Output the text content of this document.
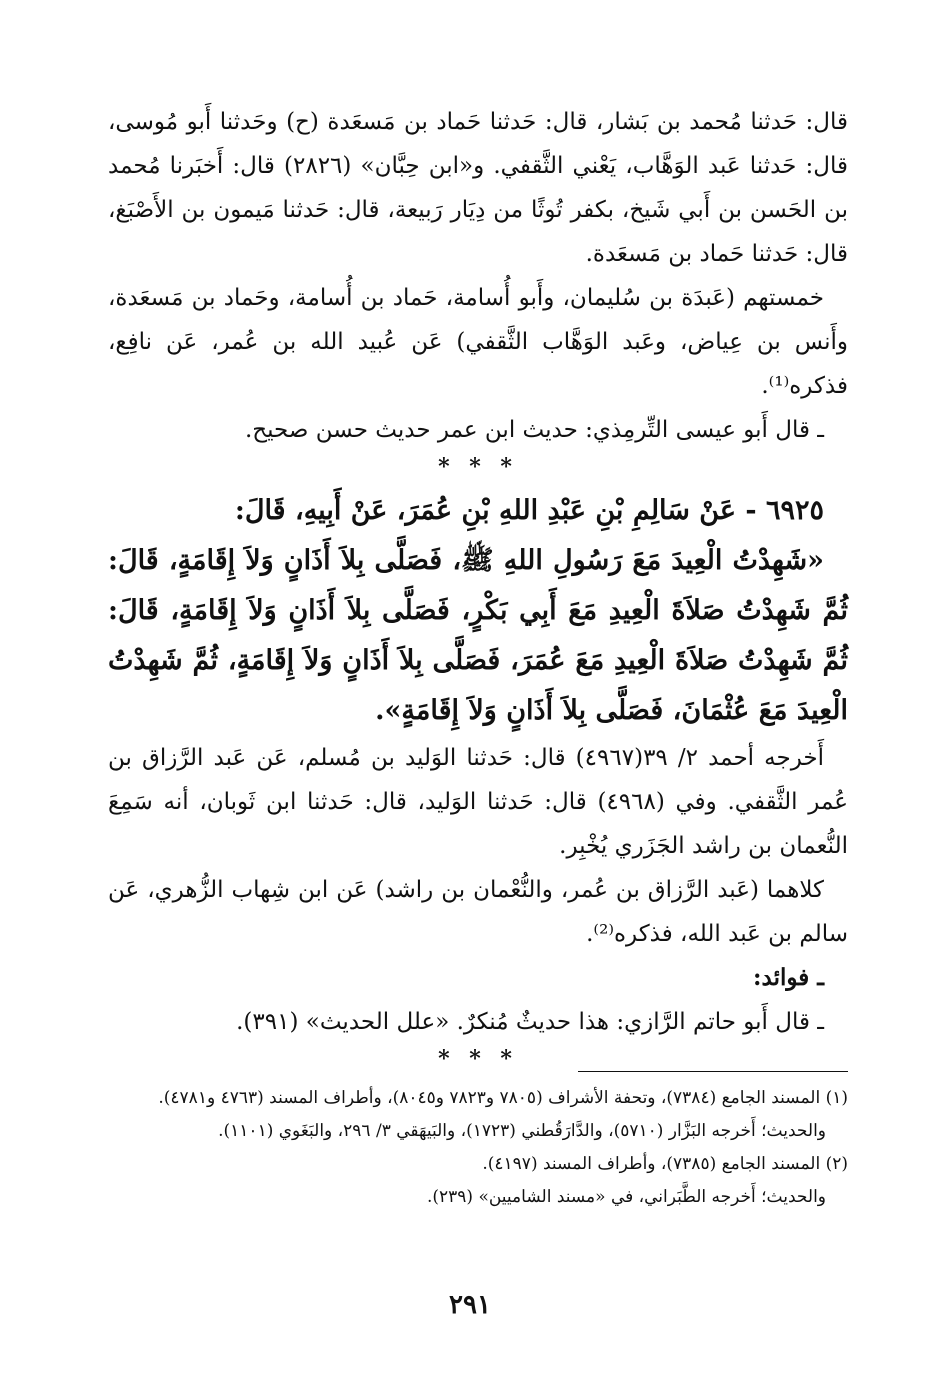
قال: حَدثنا مُحمد بن بَشار، قال: حَدثنا حَماد بن مَسعَدة (ح) وحَدثنا أَبو مُوسى، قال: حَدثنا عَبد الوَهَّاب، يَعْني الثَّقفي. و«ابن حِبَّان» (٢٨٢٦) قال: أَخبَرنا مُحمد بن الحَسن بن أَبي شَيخ، بكفر تُوثًا من دِيَار رَبيعة، قال: حَدثنا مَيمون بن الأَصْبَغ، قال: حَدثنا حَماد بن مَسعَدة.

خمستهم (عَبدَة بن سُليمان، وأَبو أُسامة، حَماد بن أُسامة، وحَماد بن مَسعَدة، وأَنس بن عِياض، وعَبد الوَهَّاب الثَّقفي) عَن عُبيد الله بن عُمر، عَن نافِع، فذكره⁽¹⁾.

ـ قال أَبو عيسى التِّرمِذي: حديث ابن عمر حديث حسن صحيح.

* * *

٦٩٢٥ - عَنْ سَالِمِ بْنِ عَبْدِ اللهِ بْنِ عُمَرَ، عَنْ أَبِيهِ، قَالَ:

«شَهِدْتُ الْعِيدَ مَعَ رَسُولِ اللهِ ﷺ، فَصَلَّى بِلاَ أَذَانٍ وَلاَ إِقَامَةٍ، قَالَ: ثُمَّ شَهِدْتُ صَلاَةَ الْعِيدِ مَعَ أَبِي بَكْرٍ، فَصَلَّى بِلاَ أَذَانٍ وَلاَ إِقَامَةٍ، قَالَ: ثُمَّ شَهِدْتُ صَلاَةَ الْعِيدِ مَعَ عُمَرَ، فَصَلَّى بِلاَ أَذَانٍ وَلاَ إِقَامَةٍ، ثُمَّ شَهِدْتُ الْعِيدَ مَعَ عُثْمَانَ، فَصَلَّى بِلاَ أَذَانٍ وَلاَ إِقَامَةٍ».

أَخرجه أحمد ٢/ ٣٩(٤٩٦٧) قال: حَدثنا الوَليد بن مُسلم، عَن عَبد الرَّزاق بن عُمر الثَّقفي. وفي (٤٩٦٨) قال: حَدثنا الوَليد، قال: حَدثنا ابن ثَوبان، أنه سَمِعَ النُّعمان بن راشد الجَزَري يُخْبِر.

كلاهما (عَبد الرَّزاق بن عُمر، والنُّعْمان بن راشد) عَن ابن شِهاب الزُّهري، عَن سالم بن عَبد الله، فذكره⁽²⁾.

ـ فوائد:

ـ قال أَبو حاتم الرَّازي: هذا حديثٌ مُنكرٌ. «علل الحديث» (٣٩١).

* * *

(١) المسند الجامع (٧٣٨٤)، وتحفة الأشراف (٧٨٠٥ و٧٨٢٣ و٨٠٤٥)، وأطراف المسند (٤٧٦٣ و٤٧٨١).

والحديث؛ أَخرجه البَزَّار (٥٧١٠)، والدَّارَقُطني (١٧٢٣)، والبَيهَقي ٣/ ٢٩٦، والبَغَوي (١١٠١).

(٢) المسند الجامع (٧٣٨٥)، وأطراف المسند (٤١٩٧).

والحديث؛ أَخرجه الطَّبَراني، في «مسند الشاميين» (٢٣٩).

٢٩١
